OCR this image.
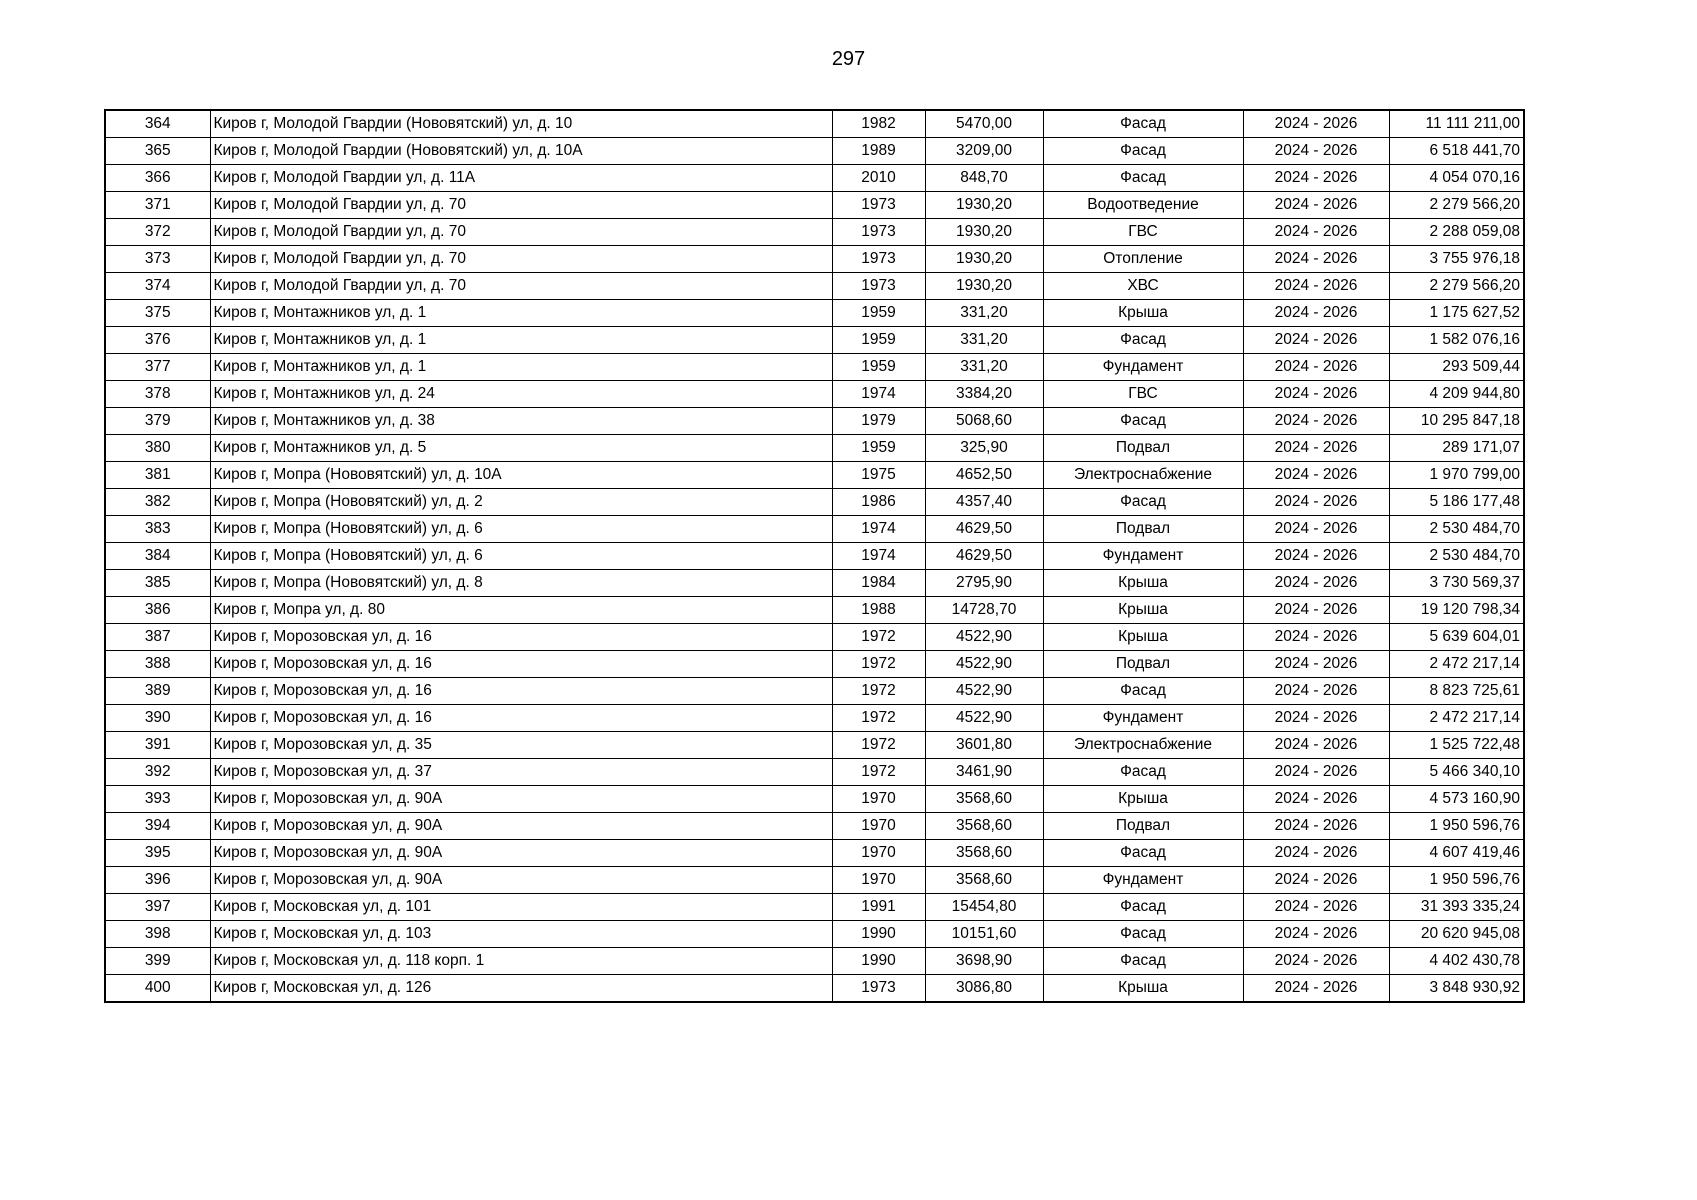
297
364	Киров г, Молодой Гвардии (Нововятский) ул, д. 10	1982	5470,00	Фасад	2024 - 2026	11 111 211,00
365	Киров г, Молодой Гвардии (Нововятский) ул, д. 10А	1989	3209,00	Фасад	2024 - 2026	6 518 441,70
366	Киров г, Молодой Гвардии ул, д. 11А	2010	848,70	Фасад	2024 - 2026	4 054 070,16
371	Киров г, Молодой Гвардии ул, д. 70	1973	1930,20	Водоотведение	2024 - 2026	2 279 566,20
372	Киров г, Молодой Гвардии ул, д. 70	1973	1930,20	ГВС	2024 - 2026	2 288 059,08
373	Киров г, Молодой Гвардии ул, д. 70	1973	1930,20	Отопление	2024 - 2026	3 755 976,18
374	Киров г, Молодой Гвардии ул, д. 70	1973	1930,20	ХВС	2024 - 2026	2 279 566,20
375	Киров г, Монтажников ул, д. 1	1959	331,20	Крыша	2024 - 2026	1 175 627,52
376	Киров г, Монтажников ул, д. 1	1959	331,20	Фасад	2024 - 2026	1 582 076,16
377	Киров г, Монтажников ул, д. 1	1959	331,20	Фундамент	2024 - 2026	293 509,44
378	Киров г, Монтажников ул, д. 24	1974	3384,20	ГВС	2024 - 2026	4 209 944,80
379	Киров г, Монтажников ул, д. 38	1979	5068,60	Фасад	2024 - 2026	10 295 847,18
380	Киров г, Монтажников ул, д. 5	1959	325,90	Подвал	2024 - 2026	289 171,07
381	Киров г, Мопра (Нововятский) ул, д. 10А	1975	4652,50	Электроснабжение	2024 - 2026	1 970 799,00
382	Киров г, Мопра (Нововятский) ул, д. 2	1986	4357,40	Фасад	2024 - 2026	5 186 177,48
383	Киров г, Мопра (Нововятский) ул, д. 6	1974	4629,50	Подвал	2024 - 2026	2 530 484,70
384	Киров г, Мопра (Нововятский) ул, д. 6	1974	4629,50	Фундамент	2024 - 2026	2 530 484,70
385	Киров г, Мопра (Нововятский) ул, д. 8	1984	2795,90	Крыша	2024 - 2026	3 730 569,37
386	Киров г, Мопра ул, д. 80	1988	14728,70	Крыша	2024 - 2026	19 120 798,34
387	Киров г, Морозовская ул, д. 16	1972	4522,90	Крыша	2024 - 2026	5 639 604,01
388	Киров г, Морозовская ул, д. 16	1972	4522,90	Подвал	2024 - 2026	2 472 217,14
389	Киров г, Морозовская ул, д. 16	1972	4522,90	Фасад	2024 - 2026	8 823 725,61
390	Киров г, Морозовская ул, д. 16	1972	4522,90	Фундамент	2024 - 2026	2 472 217,14
391	Киров г, Морозовская ул, д. 35	1972	3601,80	Электроснабжение	2024 - 2026	1 525 722,48
392	Киров г, Морозовская ул, д. 37	1972	3461,90	Фасад	2024 - 2026	5 466 340,10
393	Киров г, Морозовская ул, д. 90А	1970	3568,60	Крыша	2024 - 2026	4 573 160,90
394	Киров г, Морозовская ул, д. 90А	1970	3568,60	Подвал	2024 - 2026	1 950 596,76
395	Киров г, Морозовская ул, д. 90А	1970	3568,60	Фасад	2024 - 2026	4 607 419,46
396	Киров г, Морозовская ул, д. 90А	1970	3568,60	Фундамент	2024 - 2026	1 950 596,76
397	Киров г, Московская ул, д. 101	1991	15454,80	Фасад	2024 - 2026	31 393 335,24
398	Киров г, Московская ул, д. 103	1990	10151,60	Фасад	2024 - 2026	20 620 945,08
399	Киров г, Московская ул, д. 118 корп. 1	1990	3698,90	Фасад	2024 - 2026	4 402 430,78
400	Киров г, Московская ул, д. 126	1973	3086,80	Крыша	2024 - 2026	3 848 930,92
